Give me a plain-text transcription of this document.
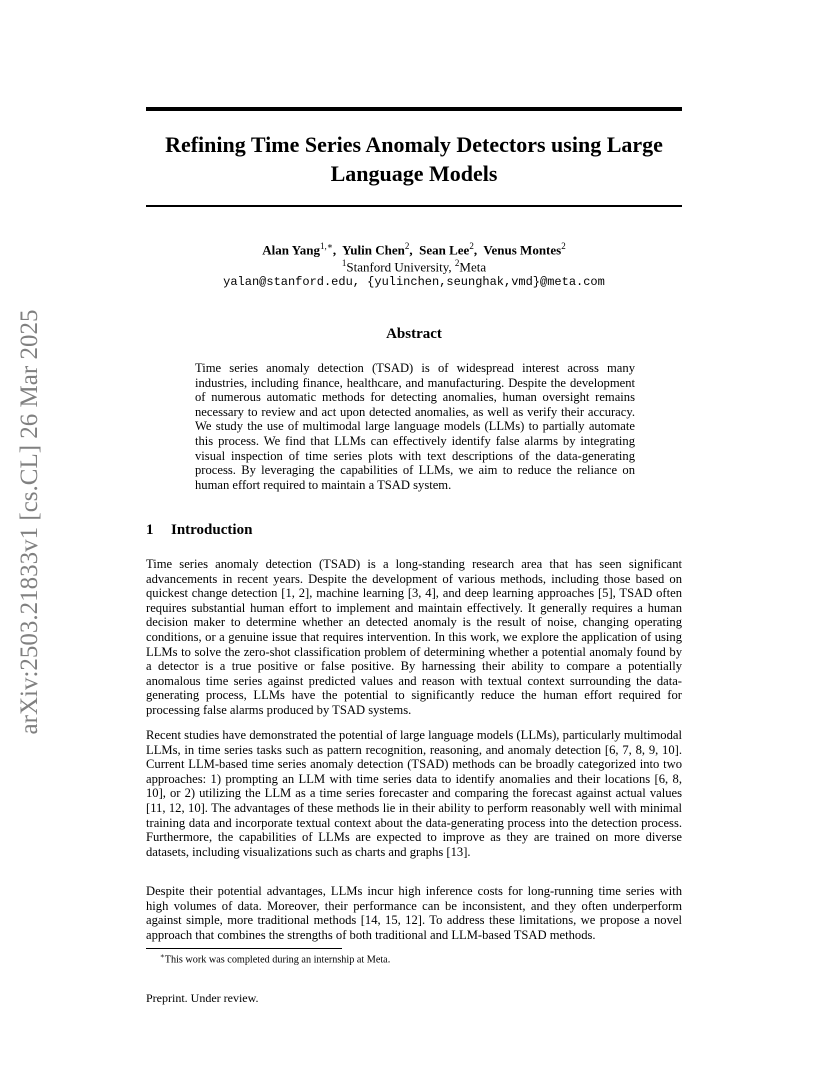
arXiv:2503.21833v1 [cs.CL] 26 Mar 2025
Refining Time Series Anomaly Detectors using Large Language Models
Alan Yang$^{1,∗}$,  Yulin Chen$^2$,  Sean Lee$^2$,  Venus Montes$^2$
$^1$Stanford University, $^2$Meta
yalan@stanford.edu, {yulinchen,seunghak,vmd}@meta.com
Abstract
Time series anomaly detection (TSAD) is of widespread interest across many industries, including finance, healthcare, and manufacturing. Despite the development of numerous automatic methods for detecting anomalies, human oversight remains necessary to review and act upon detected anomalies, as well as verify their accuracy. We study the use of multimodal large language models (LLMs) to partially automate this process. We find that LLMs can effectively identify false alarms by integrating visual inspection of time series plots with text descriptions of the data-generating process. By leveraging the capabilities of LLMs, we aim to reduce the reliance on human effort required to maintain a TSAD system.
1 Introduction
Time series anomaly detection (TSAD) is a long-standing research area that has seen significant advancements in recent years. Despite the development of various methods, including those based on quickest change detection [1, 2], machine learning [3, 4], and deep learning approaches [5], TSAD often requires substantial human effort to implement and maintain effectively. It generally requires a human decision maker to determine whether an detected anomaly is the result of noise, changing operating conditions, or a genuine issue that requires intervention. In this work, we explore the application of using LLMs to solve the zero-shot classification problem of determining whether a potential anomaly found by a detector is a true positive or false positive. By harnessing their ability to compare a potentially anomalous time series against predicted values and reason with textual context surrounding the data-generating process, LLMs have the potential to significantly reduce the human effort required for processing false alarms produced by TSAD systems.
Recent studies have demonstrated the potential of large language models (LLMs), particularly multimodal LLMs, in time series tasks such as pattern recognition, reasoning, and anomaly detection [6, 7, 8, 9, 10]. Current LLM-based time series anomaly detection (TSAD) methods can be broadly categorized into two approaches: 1) prompting an LLM with time series data to identify anomalies and their locations [6, 8, 10], or 2) utilizing the LLM as a time series forecaster and comparing the forecast against actual values [11, 12, 10]. The advantages of these methods lie in their ability to perform reasonably well with minimal training data and incorporate textual context about the data-generating process into the detection process. Furthermore, the capabilities of LLMs are expected to improve as they are trained on more diverse datasets, including visualizations such as charts and graphs [13].
Despite their potential advantages, LLMs incur high inference costs for long-running time series with high volumes of data. Moreover, their performance can be inconsistent, and they often underperform against simple, more traditional methods [14, 15, 12]. To address these limitations, we propose a novel approach that combines the strengths of both traditional and LLM-based TSAD methods.
∗This work was completed during an internship at Meta.
Preprint. Under review.
